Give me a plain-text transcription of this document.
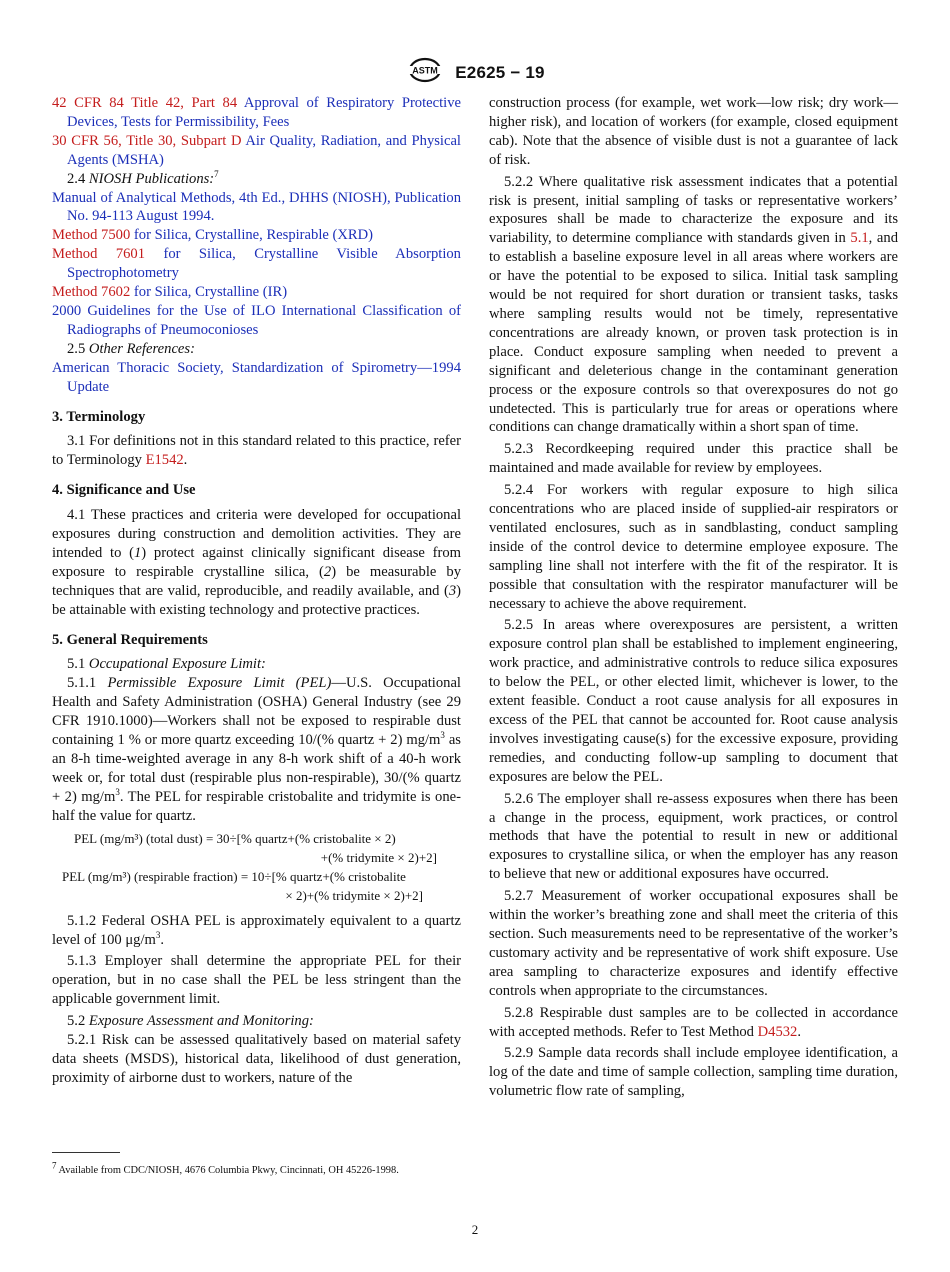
ASTM E2625 − 19

42 CFR 84 Title 42, Part 84 Approval of Respiratory Protective Devices, Tests for Permissibility, Fees

30 CFR 56, Title 30, Subpart D Air Quality, Radiation, and Physical Agents (MSHA)

2.4 NIOSH Publications:$^7$

Manual of Analytical Methods, 4th Ed., DHHS (NIOSH), Publication No. 94-113 August 1994.

Method 7500 for Silica, Crystalline, Respirable (XRD)

Method 7601 for Silica, Crystalline Visible Absorption Spectrophotometry

Method 7602 for Silica, Crystalline (IR)

2000 Guidelines for the Use of ILO International Classification of Radiographs of Pneumoconioses

2.5 Other References:

American Thoracic Society, Standardization of Spirometry—1994 Update

3. Terminology

3.1 For definitions not in this standard related to this practice, refer to Terminology E1542.

4. Significance and Use

4.1 These practices and criteria were developed for occupational exposures during construction and demolition activities. They are intended to (1) protect against clinically significant disease from exposure to respirable crystalline silica, (2) be measurable by techniques that are valid, reproducible, and readily available, and (3) be attainable with existing technology and protective practices.

5. General Requirements

5.1 Occupational Exposure Limit:

5.1.1 Permissible Exposure Limit (PEL)—U.S. Occupational Health and Safety Administration (OSHA) General Industry (see 29 CFR 1910.1000)—Workers shall not be exposed to respirable dust containing 1 % or more quartz exceeding 10/(% quartz + 2) $mg/m^3$ as an 8-h time-weighted average in any 8-h work shift of a 40-h work week or, for total dust (respirable plus non-respirable), 30/(% quartz + 2) $mg/m^3$. The PEL for respirable cristobalite and tridymite is one-half the value for quartz.

PEL (mg/m³) (total dust) = 30÷[% quartz+(% cristobalite × 2)
+(% tridymite × 2)+2]
PEL (mg/m³) (respirable fraction) = 10÷[% quartz+(% cristobalite
× 2)+(% tridymite × 2)+2]

5.1.2 Federal OSHA PEL is approximately equivalent to a quartz level of 100 $\mu g/m^3$.

5.1.3 Employer shall determine the appropriate PEL for their operation, but in no case shall the PEL be less stringent than the applicable government limit.

5.2 Exposure Assessment and Monitoring:

5.2.1 Risk can be assessed qualitatively based on material safety data sheets (MSDS), historical data, likelihood of dust generation, proximity of airborne dust to workers, nature of the

construction process (for example, wet work—low risk; dry work—higher risk), and location of workers (for example, closed equipment cab). Note that the absence of visible dust is not a guarantee of lack of risk.

5.2.2 Where qualitative risk assessment indicates that a potential risk is present, initial sampling of tasks or representative workers’ exposures shall be made to characterize the exposure and its variability, to determine compliance with standards given in 5.1, and to establish a baseline exposure level in all areas where workers are or have the potential to be exposed to silica. Initial task sampling would be not required for short duration or transient tasks, tasks where sampling results would not be timely, representative concentrations are already known, or proven task protection is in place. Conduct exposure sampling when needed to prevent a significant and deleterious change in the contaminant generation process or the exposure controls so that overexposures do not go undetected. This is particularly true for areas or operations where conditions can change dramatically within a short span of time.

5.2.3 Recordkeeping required under this practice shall be maintained and made available for review by employees.

5.2.4 For workers with regular exposure to high silica concentrations who are placed inside of supplied-air respirators or ventilated enclosures, such as in sandblasting, conduct sampling inside of the control device to determine employee exposure. The sampling line shall not interfere with the fit of the respirator. It is possible that consultation with the respirator manufacturer will be necessary to achieve the above requirement.

5.2.5 In areas where overexposures are persistent, a written exposure control plan shall be established to implement engineering, work practice, and administrative controls to reduce silica exposures to below the PEL, or other elected limit, whichever is lower, to the extent feasible. Conduct a root cause analysis for all exposures in excess of the PEL that cannot be accounted for. Root cause analysis involves investigating cause(s) for the excessive exposure, providing remedies, and conducting follow-up sampling to document that exposures are below the PEL.

5.2.6 The employer shall re-assess exposures when there has been a change in the process, equipment, work practices, or control methods that have the potential to result in new or additional exposures to crystalline silica, or when the employer has any reason to believe that new or additional exposures have occurred.

5.2.7 Measurement of worker occupational exposures shall be within the worker’s breathing zone and shall meet the criteria of this section. Such measurements need to be representative of the worker’s customary activity and be representative of work shift exposure. Use area sampling to characterize exposures and identify effective controls when appropriate to the circumstances.

5.2.8 Respirable dust samples are to be collected in accordance with accepted methods. Refer to Test Method D4532.

5.2.9 Sample data records shall include employee identification, a log of the date and time of sample collection, sampling time duration, volumetric flow rate of sampling,

$^7$ Available from CDC/NIOSH, 4676 Columbia Pkwy, Cincinnati, OH 45226-1998.
2
